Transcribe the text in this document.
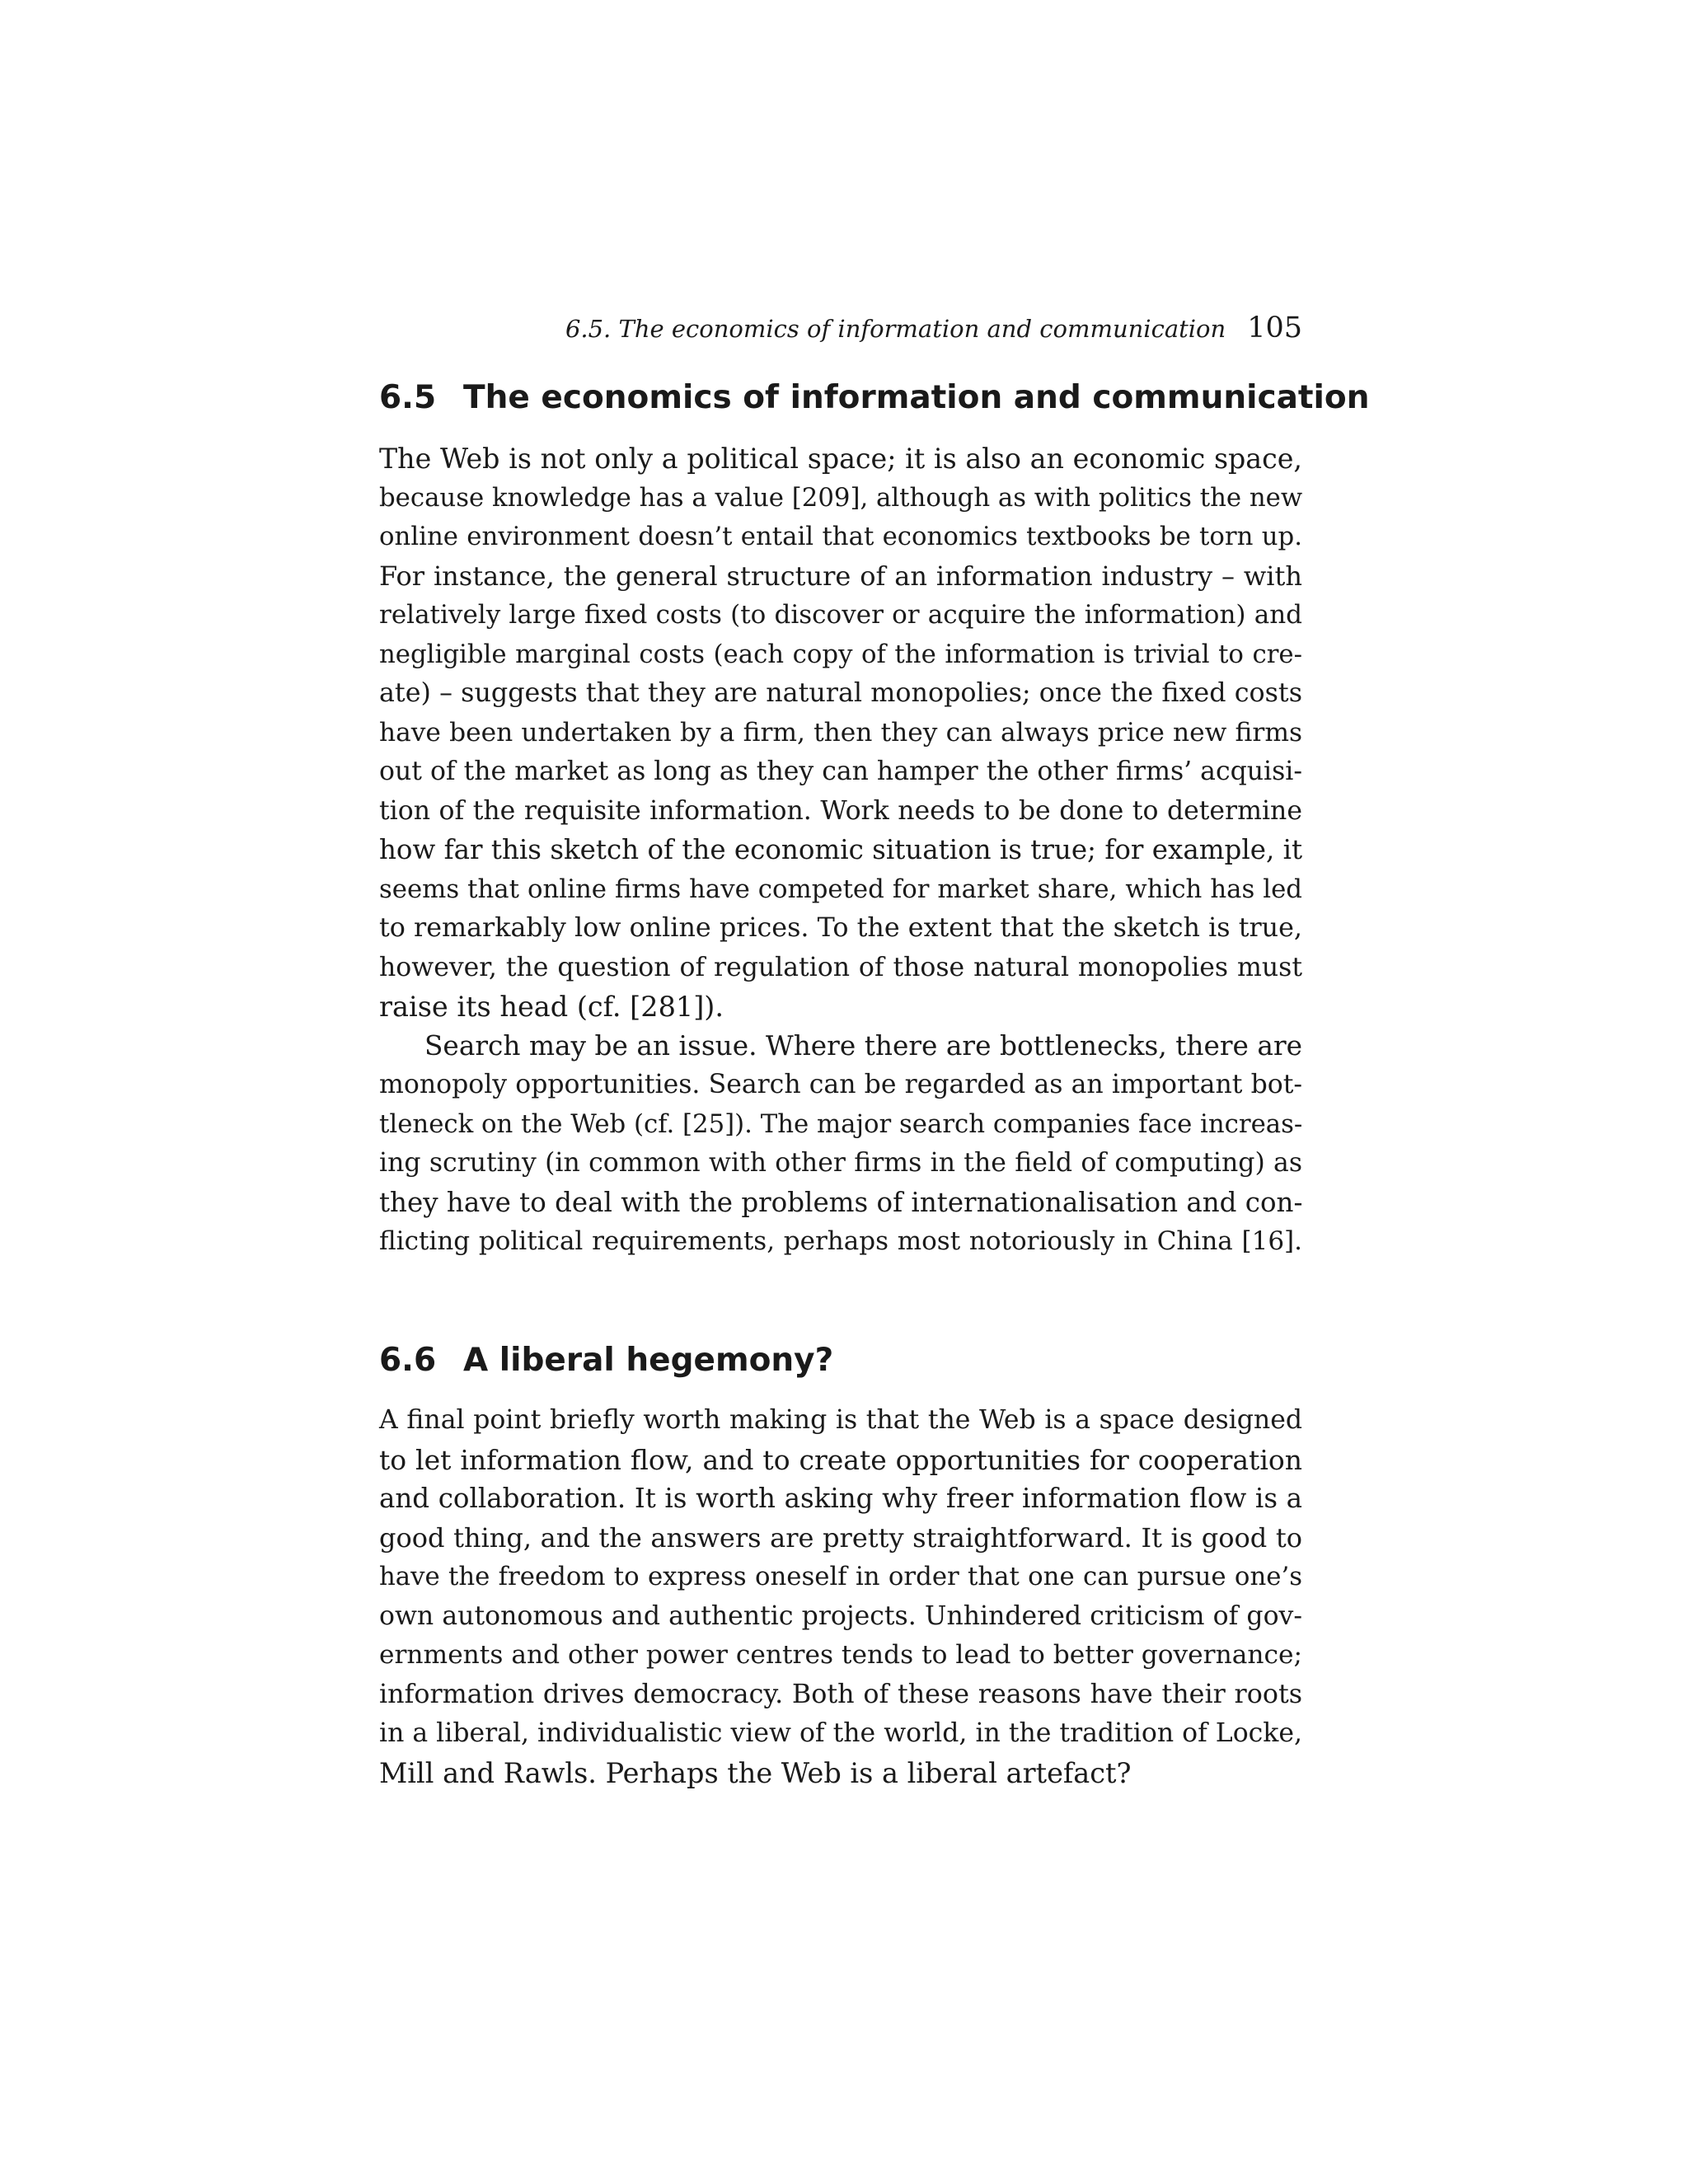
6.5. The economics of information and communication 105
6.5 The economics of information and communication
The Web is not only a political space; it is also an economic space,
because knowledge has a value [209], although as with politics the new
online environment doesn’t entail that economics textbooks be torn up.
For instance, the general structure of an information industry – with
relatively large fixed costs (to discover or acquire the information) and
negligible marginal costs (each copy of the information is trivial to cre-
ate) – suggests that they are natural monopolies; once the fixed costs
have been undertaken by a firm, then they can always price new firms
out of the market as long as they can hamper the other firms’ acquisi-
tion of the requisite information. Work needs to be done to determine
how far this sketch of the economic situation is true; for example, it
seems that online firms have competed for market share, which has led
to remarkably low online prices. To the extent that the sketch is true,
however, the question of regulation of those natural monopolies must
raise its head (cf. [281]).
Search may be an issue. Where there are bottlenecks, there are
monopoly opportunities. Search can be regarded as an important bot-
tleneck on the Web (cf. [25]). The major search companies face increas-
ing scrutiny (in common with other firms in the field of computing) as
they have to deal with the problems of internationalisation and con-
flicting political requirements, perhaps most notoriously in China [16].
6.6 A liberal hegemony?
A final point briefly worth making is that the Web is a space designed
to let information flow, and to create opportunities for cooperation
and collaboration. It is worth asking why freer information flow is a
good thing, and the answers are pretty straightforward. It is good to
have the freedom to express oneself in order that one can pursue one’s
own autonomous and authentic projects. Unhindered criticism of gov-
ernments and other power centres tends to lead to better governance;
information drives democracy. Both of these reasons have their roots
in a liberal, individualistic view of the world, in the tradition of Locke,
Mill and Rawls. Perhaps the Web is a liberal artefact?
